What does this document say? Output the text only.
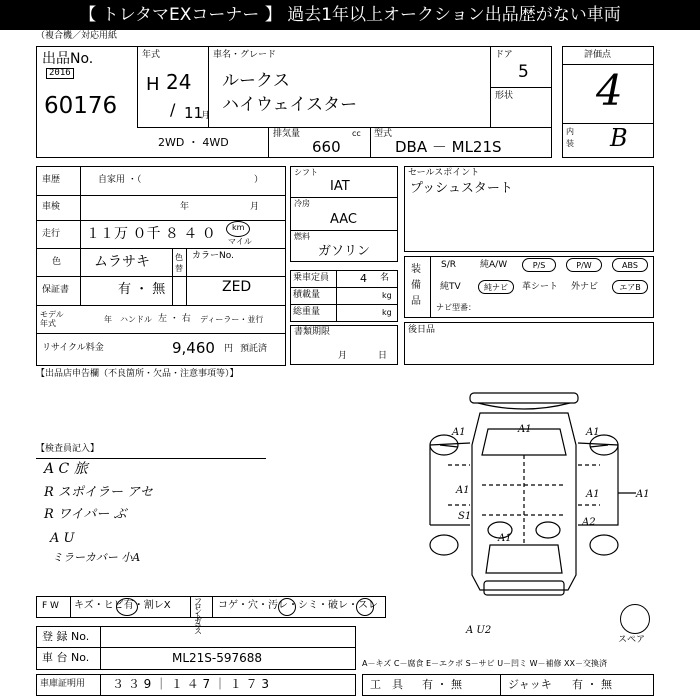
【 トレタマEXコーナー 】 過去1年以上オークション出品歴がない車両
（複合機／対応用紙
出品No.
2016
60176
年式
H 24
/ 11
月
車名・グレード
ルークス
ハイウェイスター
ドア
5
形状
2WD ・ 4WD
排気量	cc
660
型式
DBA － ML21S
評価点
4
内装 B
車歴	自家用 ・（	）
車検	年	月
走行 １１万 ０千 ８ ４ ０ km
マイル
色 ムラサキ	色替
カラーNo.
ZED
保証書	有 ・ 無
モデル年式	年 ハンドル 左 ・ 右 ディーラー・並行
リサイクル料金	9,460 円 預託済
シフト
IAT
冷房
AAC
燃料
ガソリン
乗車定員	4 名
積載量	kg
総重量	kg
書類期限
月	日
セールスポイント
プッシュスタート
装備品
S/R	純A/W	P/S	P/W	ABS
純TV	純ナビ	革シート 外ナビ	エアB
ナビ型番：
後日品
【出品店申告欄（不良箇所・欠品・注意事項等）】
【検査員記入】
A C 旅
R スポイラー アセ
R ワイパー ぶ
A U
ミラーカバー 小A
A1	A1	A1
A1	A1	A1
A1
S1
A2
A U2
スペア
F W キズ・ヒビ有・割レX	フロントガラス
コゲ・穴・汚レ・シミ・破レ・スレ
登 録 No.
車 台 No.	ML21S-597688
車庫証明用 ３ ３ 9 ｜ １ ４ 7 ｜ １ ７ 3
A－キズ C－腐食 E－エクボ S－サビ U－凹ミ W－補修 XX－交換済
工　具 有 ・ 無	ジャッキ 有 ・ 無
